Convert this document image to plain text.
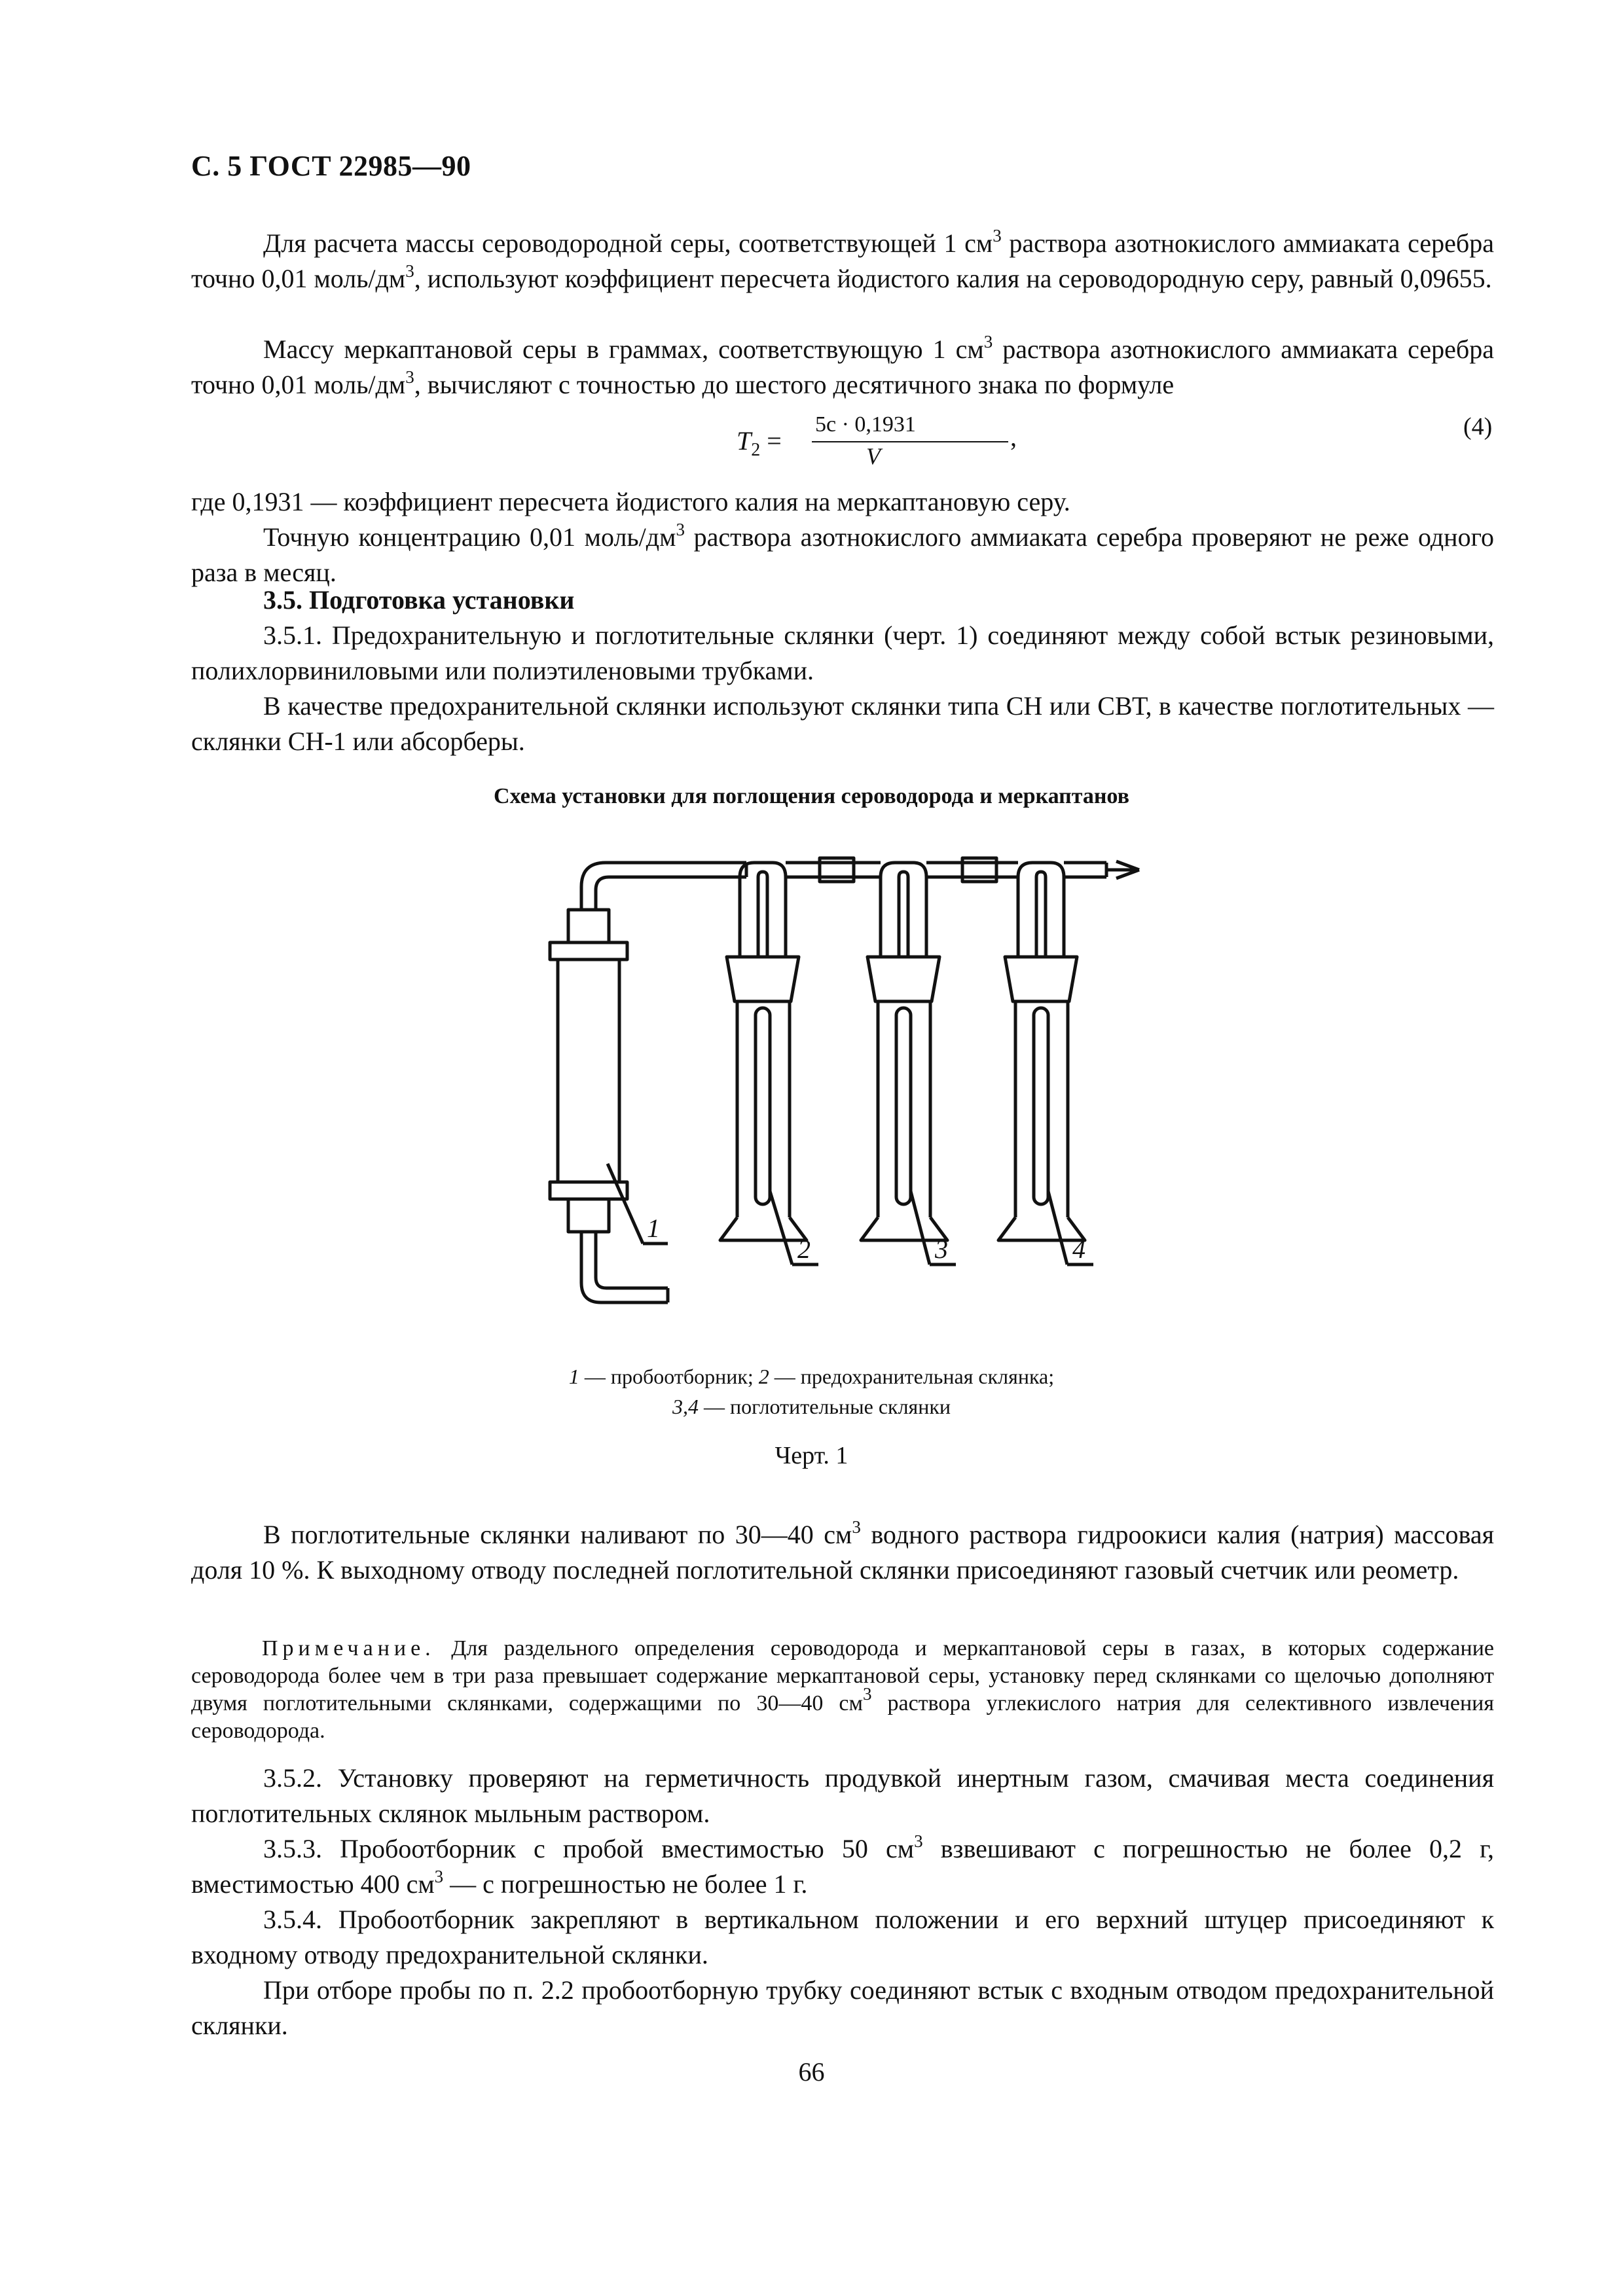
С. 5 ГОСТ 22985—90
Для расчета массы сероводородной серы, соответствующей 1 $см^3$ раствора азотнокислого аммиаката серебра точно 0,01 моль/$дм^3$, используют коэффициент пересчета йодистого калия на сероводородную серу, равный 0,09655.
Массу меркаптановой серы в граммах, соответствующую 1 $см^3$ раствора азотнокислого аммиаката серебра точно 0,01 моль/$дм^3$, вычисляют с точностью до шестого десятичного знака по формуле
$T_2$ =
5c · 0,1931
V
,	(4)
где 0,1931 — коэффициент пересчета йодистого калия на меркаптановую серу.
Точную концентрацию 0,01 моль/$дм^3$ раствора азотнокислого аммиаката серебра проверяют не реже одного раза в месяц.
3.5. Подготовка установки
3.5.1. Предохранительную и поглотительные склянки (черт. 1) соединяют между собой встык резиновыми, полихлорвиниловыми или полиэтиленовыми трубками.
В качестве предохранительной склянки используют склянки типа СН или СВТ, в качестве поглотительных — склянки СН-1 или абсорберы.
Схема установки для поглощения сероводорода и меркаптанов
1
2	3	4
1 — пробоотборник; 2 — предохранительная склянка;
3,4 — поглотительные склянки
Черт. 1
В поглотительные склянки наливают по 30—40 $см^3$ водного раствора гидроокиси калия (натрия) массовая доля 10 %. К выходному отводу последней поглотительной склянки присоединяют газовый счетчик или реометр.
Примечание. Для раздельного определения сероводорода и меркаптановой серы в газах, в которых содержание сероводорода более чем в три раза превышает содержание меркаптановой серы, установку перед склянками со щелочью дополняют двумя поглотительными склянками, содержащими по 30—40 $см^3$ раствора углекислого натрия для селективного извлечения сероводорода.
3.5.2. Установку проверяют на герметичность продувкой инертным газом, смачивая места соединения поглотительных склянок мыльным раствором.
3.5.3. Пробоотборник с пробой вместимостью 50 $см^3$ взвешивают с погрешностью не более 0,2 г, вместимостью 400 $см^3$ — с погрешностью не более 1 г.
3.5.4. Пробоотборник закрепляют в вертикальном положении и его верхний штуцер присоединяют к входному отводу предохранительной склянки.
При отборе пробы по п. 2.2 пробоотборную трубку соединяют встык с входным отводом предохранительной склянки.
66
